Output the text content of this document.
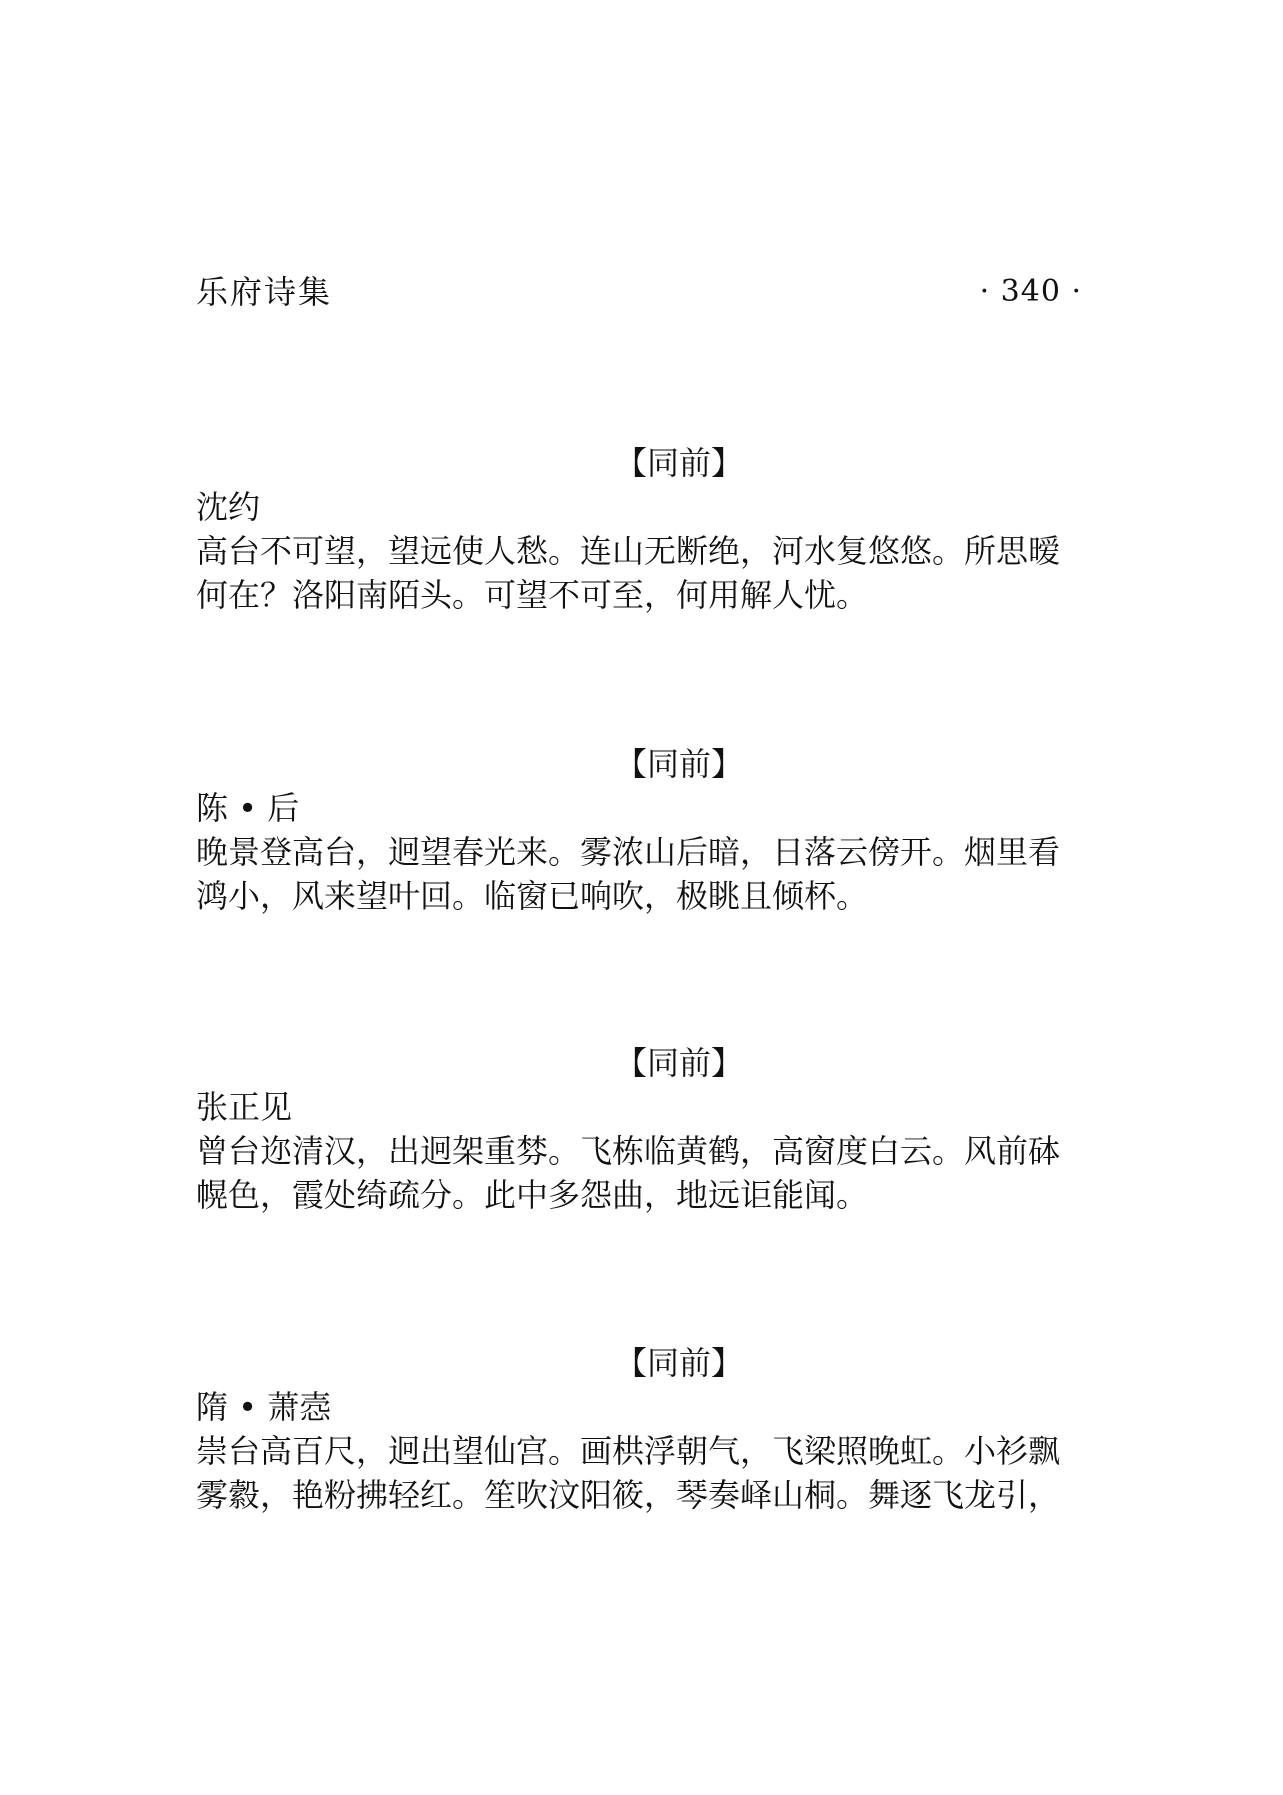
乐府诗集	· 340 ·
【同前】
沈约
高台不可望，望远使人愁。连山无断绝，河水复悠悠。所思暧
何在？洛阳南陌头。可望不可至，何用解人忧。
【同前】
陈 • 后
晚景登高台，迥望春光来。雾浓山后暗，日落云傍开。烟里看
鸿小，风来望叶回。临窗已响吹，极眺且倾杯。
【同前】
张正见
曾台迩清汉，出迥架重棼。飞栋临黄鹤，高窗度白云。风前砵
幌色，霞处绮疏分。此中多怨曲，地远讵能闻。
【同前】
隋 • 萧悫
崇台高百尺，迥出望仙宫。画栱浮朝气，飞梁照晚虹。小衫飘
雾縠，艳粉拂轻红。笙吹汶阳筱，琴奏峄山桐。舞逐飞龙引，
